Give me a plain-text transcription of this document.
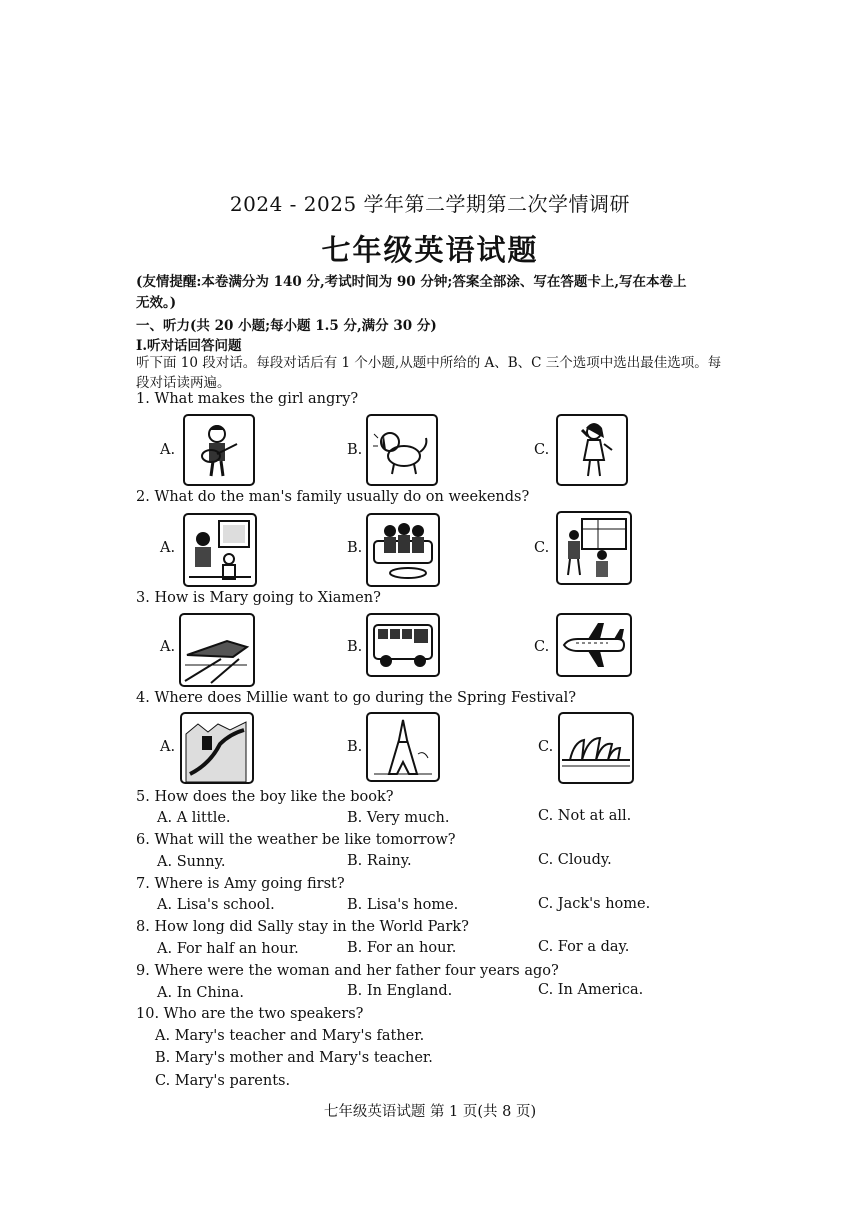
2024 - 2025 学年第二学期第二次学情调研
七年级英语试题
(友情提醒:本卷满分为 140 分,考试时间为 90 分钟;答案全部涂、写在答题卡上,写在本卷上
无效。)
一、听力(共 20 小题;每小题 1.5 分,满分 30 分)
I.听对话回答问题
听下面 10 段对话。每段对话后有 1 个小题,从题中所给的 A、B、C 三个选项中选出最佳选项。每
段对话读两遍。
1. What makes the girl angry?
A.	B.	C.
2. What do the man's family usually do on weekends?
A.	B.	C.
3. How is Mary going to Xiamen?
A.	B.	C.
4. Where does Millie want to go during the Spring Festival?
A.	B.	C.
5. How does the boy like the book?
A. A little.	B. Very much.	C. Not at all.
6. What will the weather be like tomorrow?
A. Sunny.	B. Rainy.	C. Cloudy.
7. Where is Amy going first?
A. Lisa's school.	B. Lisa's home.	C. Jack's home.
8. How long did Sally stay in the World Park?
A. For half an hour.	B. For an hour.	C. For a day.
9. Where were the woman and her father four years ago?
A. In China.	B. In England.	C. In America.
10. Who are the two speakers?
A. Mary's teacher and Mary's father.
B. Mary's mother and Mary's teacher.
C. Mary's parents.
七年级英语试题 第 1 页(共 8 页)
